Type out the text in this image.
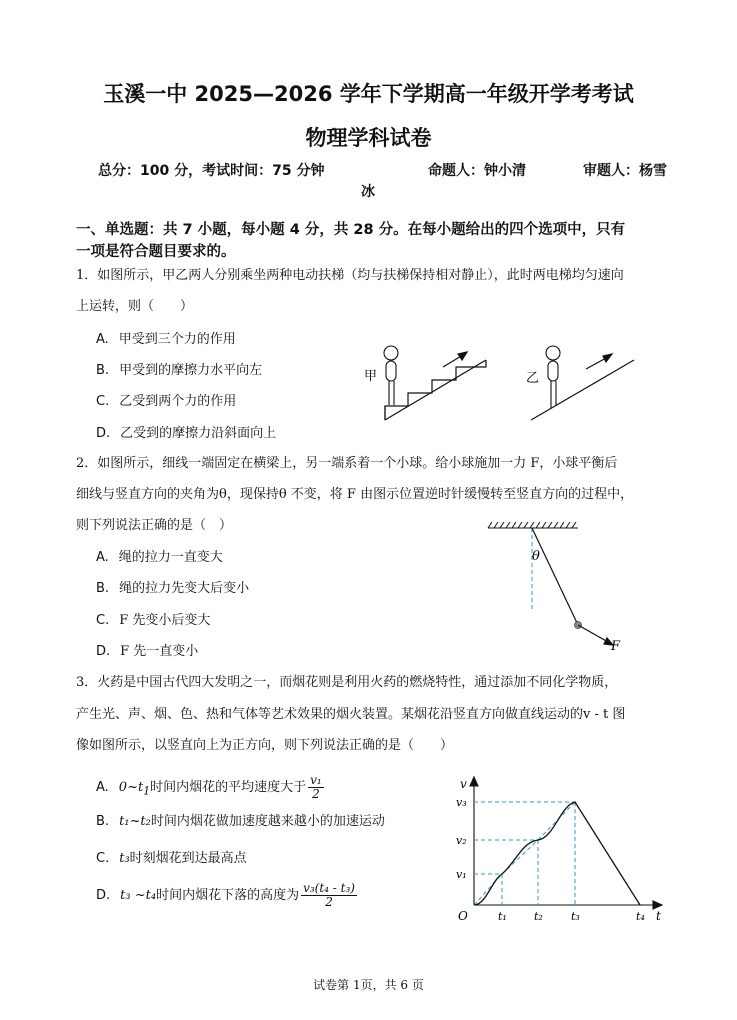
玉溪一中 2025—2026 学年下学期高一年级开学考考试
物理学科试卷
总分：100 分，考试时间：75 分钟	命题人：钟小清	审题人：杨雪
冰
一、单选题：共 7 小题，每小题 4 分，共 28 分。在每小题给出的四个选项中，只有
一项是符合题目要求的。
1．如图所示，甲乙两人分别乘坐两种电动扶梯（均与扶梯保持相对静止），此时两电梯均匀速向
上运转，则（　　）
A. 甲受到三个力的作用
B. 甲受到的摩擦力水平向左
C. 乙受到两个力的作用
D. 乙受到的摩擦力沿斜面向上
甲	乙
2．如图所示，细线一端固定在横梁上，另一端系着一个小球。给小球施加一力 F，小球平衡后
细线与竖直方向的夹角为θ，现保持θ 不变，将 F 由图示位置逆时针缓慢转至竖直方向的过程中，
则下列说法正确的是（　）
A. 绳的拉力一直变大
B. 绳的拉力先变大后变小
C. F 先变小后变大
D. F 先一直变小
θ
F
3．火药是中国古代四大发明之一，而烟花则是利用火药的燃烧特性，通过添加不同化学物质，
产生光、声、烟、色、热和气体等艺术效果的烟火装置。某烟花沿竖直方向做直线运动的v - t 图
像如图所示，以竖直向上为正方向，则下列说法正确的是（　　）
A. $0\sim t_1$时间内烟花的平均速度大于 $\frac{\text{v₁}}{2}$
B. t₁~t₂时间内烟花做加速度越来越小的加速运动
C. t₃时刻烟花到达最高点
D. t₃ ~t₄时间内烟花下落的高度为 $\frac{\text{v₃(t₄ - t₃)}}{2}$
v
t
O
v₁
v₂
v₃
t₁ t₂	t₃	t₄
试卷第 1页，共 6 页
